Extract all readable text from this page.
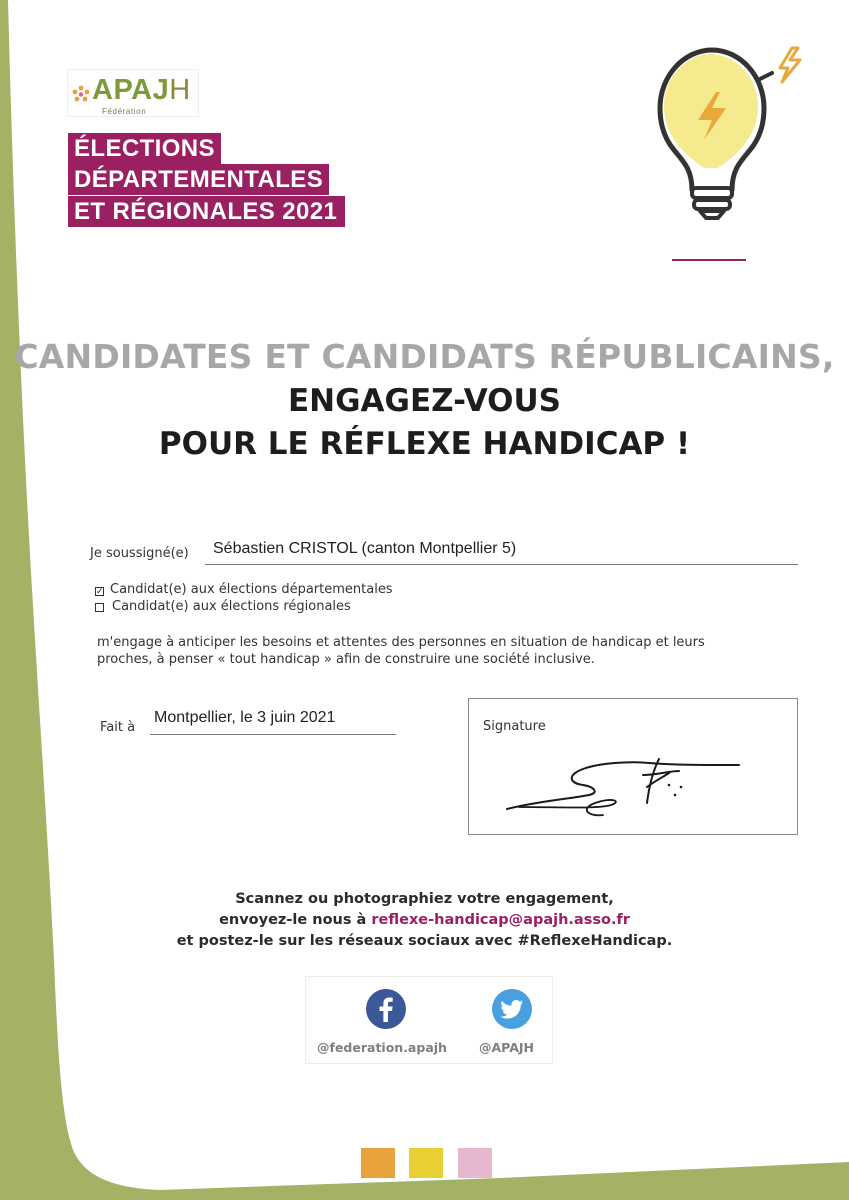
APAJH
Fédération
ÉLECTIONS
DÉPARTEMENTALES
ET RÉGIONALES 2021
CANDIDATES ET CANDIDATS RÉPUBLICAINS,
ENGAGEZ-VOUS
POUR LE RÉFLEXE HANDICAP !
Je soussigné(e) Sébastien CRISTOL (canton Montpellier 5)
✓ Candidat(e) aux élections départementales
Candidat(e) aux élections régionales

m'engage à anticiper les besoins et attentes des personnes en situation de handicap et leurs

proches, à penser « tout handicap » afin de construire une société inclusive.

Fait à
Montpellier, le 3 juin 2021
Signature
Scannez ou photographiez votre engagement,
envoyez-le nous à reflexe-handicap@apajh.asso.fr
et postez-le sur les réseaux sociaux avec #ReflexeHandicap.
@federation.apajh	@APAJH
